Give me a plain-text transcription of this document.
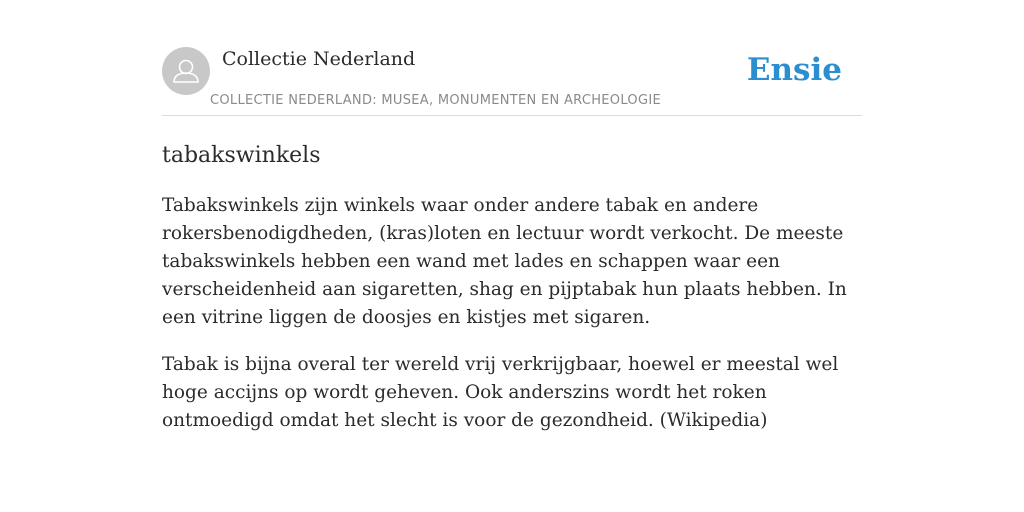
Collectie Nederland
COLLECTIE NEDERLAND: MUSEA, MONUMENTEN EN ARCHEOLOGIE
Ensie
tabakswinkels

Tabakswinkels zijn winkels waar onder andere tabak en andere rokersbenodigdheden, (kras)loten en lectuur wordt verkocht. De meeste tabakswinkels hebben een wand met lades en schappen waar een verscheidenheid aan sigaretten, shag en pijptabak hun plaats hebben. In een vitrine liggen de doosjes en kistjes met sigaren.

Tabak is bijna overal ter wereld vrij verkrijgbaar, hoewel er meestal wel hoge accijns op wordt geheven. Ook anderszins wordt het roken ontmoedigd omdat het slecht is voor de gezondheid. (Wikipedia)
